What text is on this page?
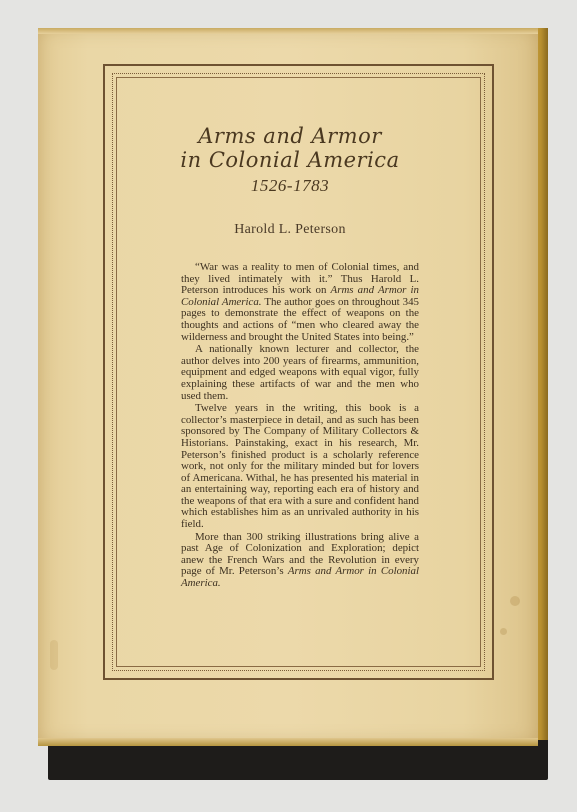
Arms and Armor
in Colonial America
1526-1783
Harold L. Peterson

“War was a reality to men of Colonial times, and they lived intimately with it.” Thus Harold L. Peterson introduces his work on Arms and Armor in Colonial America. The author goes on throughout 345 pages to demonstrate the effect of weapons on the thoughts and actions of “men who cleared away the wilderness and brought the United States into being.”

A nationally known lecturer and collector, the author delves into 200 years of firearms, ammunition, equipment and edged weapons with equal vigor, fully explaining these artifacts of war and the men who used them.

Twelve years in the writing, this book is a collector’s masterpiece in detail, and as such has been sponsored by The Company of Military Collectors & Historians. Painstaking, exact in his research, Mr. Peterson’s finished product is a scholarly reference work, not only for the military minded but for lovers of Americana. Withal, he has presented his material in an entertaining way, reporting each era of history and the weapons of that era with a sure and confident hand which establishes him as an unrivaled authority in his field.

More than 300 striking illustrations bring alive a past Age of Colonization and Exploration; depict anew the French Wars and the Revolution in every page of Mr. Peterson’s Arms and Armor in Colonial America.
